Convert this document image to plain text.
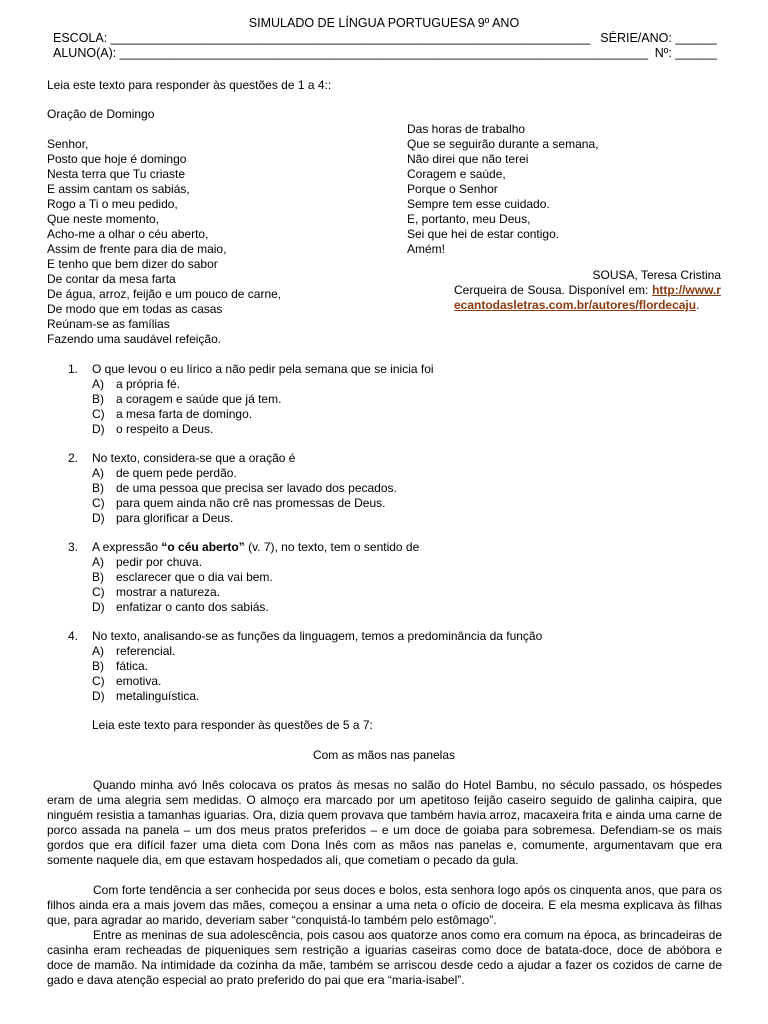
SIMULADO DE LÍNGUA PORTUGUESA 9º ANO
ESCOLA: _____________________________________________________________________ SÉRIE/ANO: ______
ALUNO(A): ____________________________________________________________________________ Nº: ______
Leia este texto para responder às questões de 1 a 4::
Oração de Domingo
Senhor,
Posto que hoje é domingo
Nesta terra que Tu criaste
E assim cantam os sabiás,
Rogo a Ti o meu pedido,
Que neste momento,
Acho-me a olhar o céu aberto,
Assim de frente para dia de maio,
E tenho que bem dizer do sabor
De contar da mesa farta
De água, arroz, feijão e um pouco de carne,
De modo que em todas as casas
Reúnam-se as famílias
Fazendo uma saudável refeição.
Das horas de trabalho
Que se seguirão durante a semana,
Não direi que não terei
Coragem e saúde,
Porque o Senhor
Sempre tem esse cuidado.
E, portanto, meu Deus,
Sei que hei de estar contigo.
Amém!
SOUSA, Teresa Cristina
Cerqueira de Sousa. Disponível em: http://www.recantodasletras.com.br/autores/flordecaju.
1.	O que levou o eu lírico a não pedir pela semana que se inicia foi
A) a própria fé.
B) a coragem e saúde que já tem.
C) a mesa farta de domingo.
D) o respeito a Deus.
2.	No texto, considera-se que a oração é
A) de quem pede perdão.
B) de uma pessoa que precisa ser lavado dos pecados.
C) para quem ainda não crê nas promessas de Deus.
D) para glorificar a Deus.
3.	A expressão “o céu aberto” (v. 7), no texto, tem o sentido de
A) pedir por chuva.
B) esclarecer que o dia vai bem.
C) mostrar a natureza.
D) enfatizar o canto dos sabiás.
4.	No texto, analisando-se as funções da linguagem, temos a predominância da função
A) referencial.
B) fática.
C) emotiva.
D) metalinguística.
Leia este texto para responder às questões de 5 a 7:
Com as mãos nas panelas
Quando minha avó Inês colocava os pratos às mesas no salão do Hotel Bambu, no século passado, os hóspedes eram de uma alegria sem medidas. O almoço era marcado por um apetitoso feijão caseiro seguido de galinha caipira, que ninguém resistia a tamanhas iguarias. Ora, dizia quem provava que também havia arroz, macaxeira frita e ainda uma carne de porco assada na panela – um dos meus pratos preferidos – e um doce de goiaba para sobremesa. Defendiam-se os mais gordos que era difícil fazer uma dieta com Dona Inês com as mãos nas panelas e, comumente, argumentavam que era somente naquele dia, em que estavam hospedados ali, que cometiam o pecado da gula.
Com forte tendência a ser conhecida por seus doces e bolos, esta senhora logo após os cinquenta anos, que para os filhos ainda era a mais jovem das mães, começou a ensinar a uma neta o ofício de doceira. E ela mesma explicava às filhas que, para agradar ao marido, deveriam saber “conquistá-lo também pelo estômago”.
Entre as meninas de sua adolescência, pois casou aos quatorze anos como era comum na época, as brincadeiras de casinha eram recheadas de piqueniques sem restrição a iguarias caseiras como doce de batata-doce, doce de abóbora e doce de mamão. Na intimidade da cozinha da mãe, também se arriscou desde cedo a ajudar a fazer os cozidos de carne de gado e dava atenção especial ao prato preferido do pai que era “maria-isabel”.
